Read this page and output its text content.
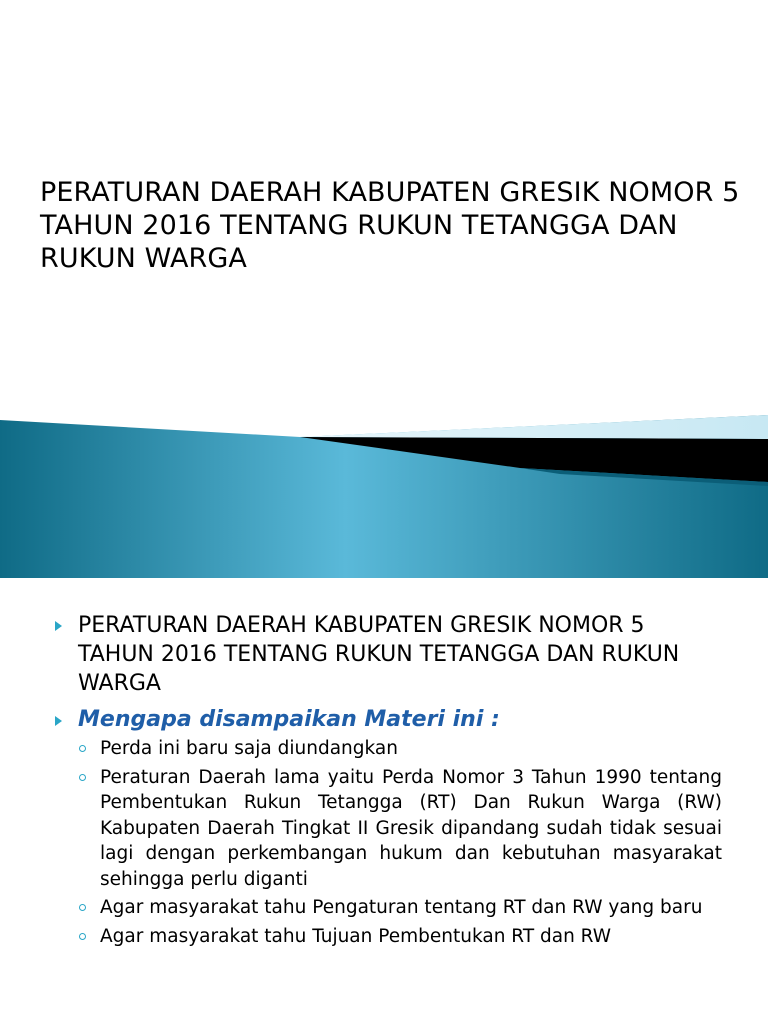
PERATURAN DAERAH KABUPATEN GRESIK NOMOR 5 TAHUN 2016 TENTANG RUKUN TETANGGA DAN RUKUN WARGA
PERATURAN DAERAH KABUPATEN GRESIK NOMOR 5 TAHUN 2016 TENTANG RUKUN TETANGGA DAN RUKUN WARGA
Mengapa disampaikan Materi ini :
Perda ini baru saja diundangkan
Peraturan Daerah lama yaitu Perda Nomor 3 Tahun 1990 tentang Pembentukan Rukun Tetangga (RT) Dan Rukun Warga (RW) Kabupaten Daerah Tingkat II Gresik dipandang sudah tidak sesuai lagi dengan perkembangan hukum dan kebutuhan masyarakat sehingga perlu diganti
Agar masyarakat tahu Pengaturan tentang RT dan RW yang baru
Agar masyarakat tahu Tujuan Pembentukan RT dan RW
